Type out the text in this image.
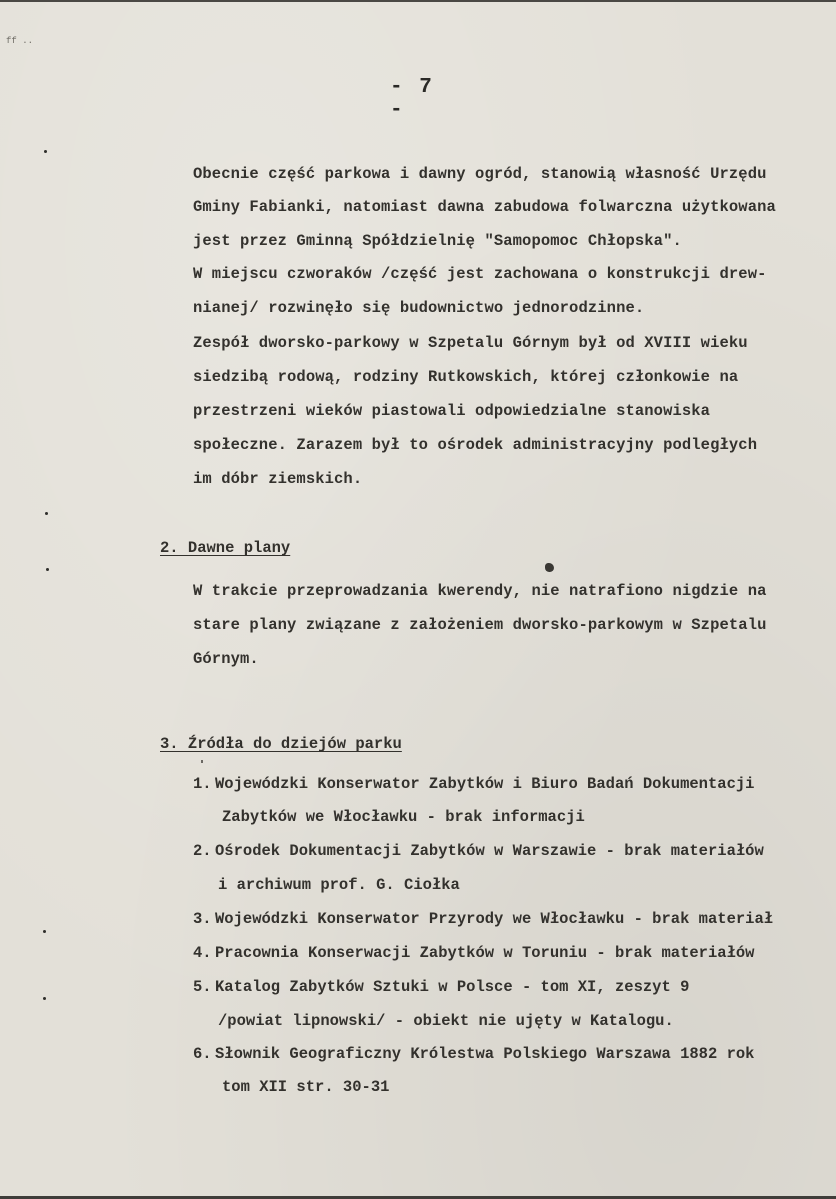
ff ..
- 7 -
Obecnie część parkowa i dawny ogród, stanowią własność Urzędu
Gminy Fabianki, natomiast dawna zabudowa folwarczna użytkowana
jest przez Gminną Spółdzielnię "Samopomoc Chłopska".
W miejscu czworaków /część jest zachowana o konstrukcji drew-
nianej/ rozwinęło się budownictwo jednorodzinne.
Zespół dworsko-parkowy w Szpetalu Górnym był od XVIII wieku
siedzibą rodową, rodziny Rutkowskich, której członkowie na
przestrzeni wieków piastowali odpowiedzialne stanowiska
społeczne. Zarazem był to ośrodek administracyjny podległych
im dóbr ziemskich.
2. Dawne plany
W trakcie przeprowadzania kwerendy, nie natrafiono nigdzie na
stare plany związane z założeniem dworsko-parkowym w Szpetalu
Górnym.
3. Źródła do dziejów parku
1. Wojewódzki Konserwator Zabytków i Biuro Badań Dokumentacji
Zabytków we Włocławku - brak informacji
2. Ośrodek Dokumentacji Zabytków w Warszawie - brak materiałów
i archiwum prof. G. Ciołka
3. Wojewódzki Konserwator Przyrody we Włocławku - brak materiał
4. Pracownia Konserwacji Zabytków w Toruniu - brak materiałów
5. Katalog Zabytków Sztuki w Polsce - tom XI, zeszyt 9
/powiat lipnowski/ - obiekt nie ujęty w Katalogu.
6. Słownik Geograficzny Królestwa Polskiego Warszawa 1882 rok
tom XII str. 30-31
